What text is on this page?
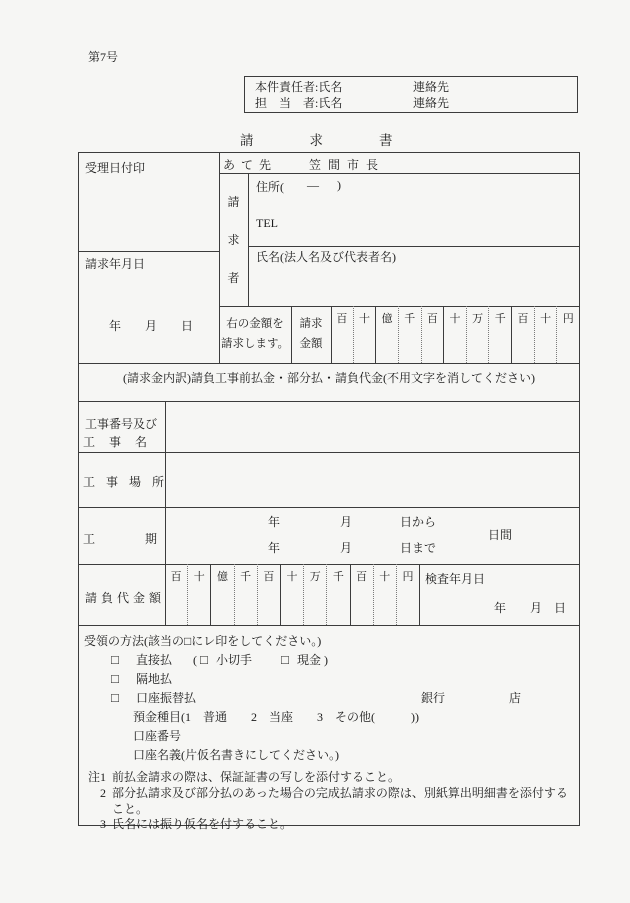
第7号
本件責任者:氏名	連絡先
担　当　者:氏名	連絡先
請求書
受理日付印
請求年月日
年　　月　　日
あて先	笠間市長
請
求
者
住所( — )
TEL
氏名(法人名及び代表者名)
右の金額を
請求します。
請求
金額
百 十 億 千 百 十 万 千 百 十 円
(請求金内訳)請負工事前払金・部分払・請負代金(不用文字を消してください)
工事番号及び
工事名
工事場所
工期
年　　　　　月　　　　日から
年　　　　　月　　　　日まで
日間
請負代金額
百 十 億 千 百 十 万 千 百 十 円 検査年月日
年　　月　日
受領の方法(該当の□にレ印をしてください。)
□ 直接払 ( □ 小切手 □ 現金 )
□ 隔地払
□ 口座振替払	銀行	店
預金種目(1　普通　　2　当座　　3　その他(　　　))
口座番号
口座名義(片仮名書きにしてください。)
注1 前払金請求の際は、保証証書の写しを添付すること。
2 部分払請求及び部分払のあった場合の完成払請求の際は、別紙算出明細書を添付すること。
3 氏名には振り仮名を付すること。
